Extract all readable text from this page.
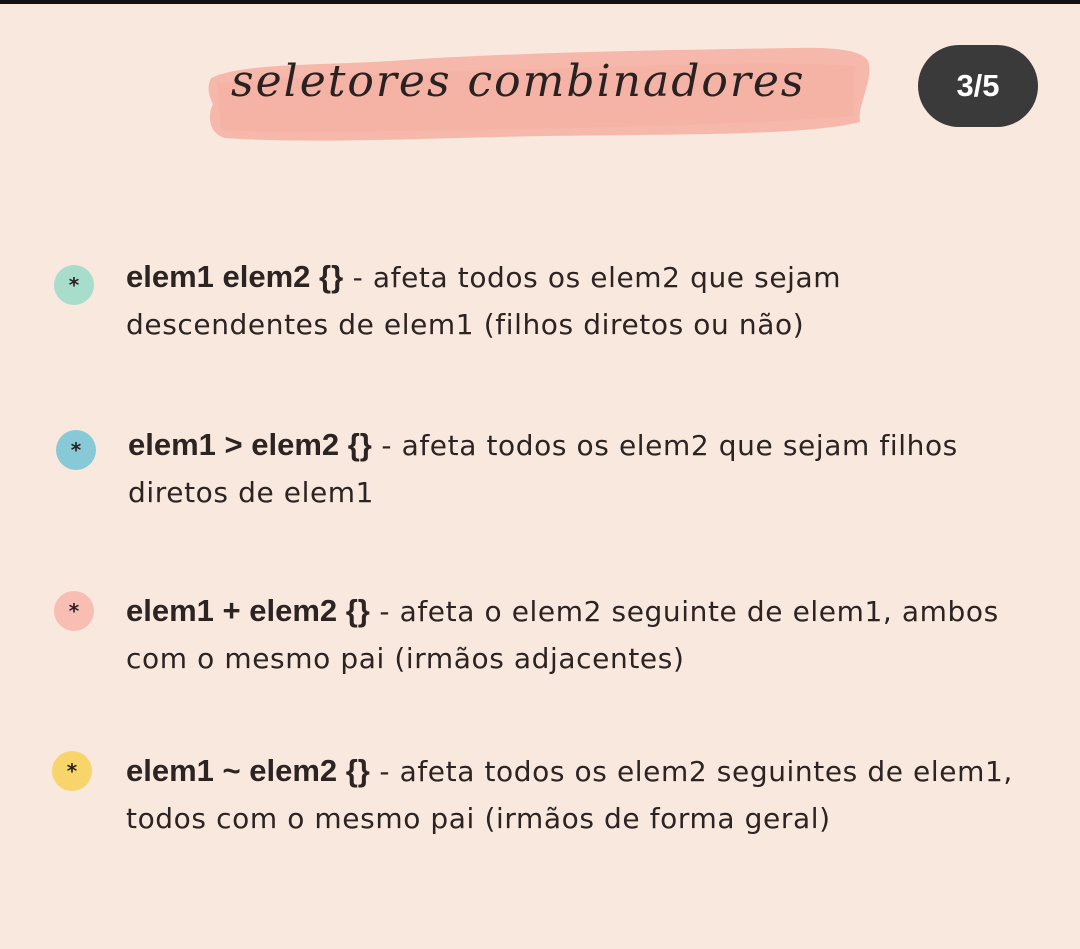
seletores combinadores	3/5
*	elem1 elem2 {} - afeta todos os elem2 que sejam descendentes de elem1 (filhos diretos ou não)
*	elem1 > elem2 {} - afeta todos os elem2 que sejam filhos diretos de elem1
*	elem1 + elem2 {} - afeta o elem2 seguinte de elem1, ambos com o mesmo pai (irmãos adjacentes)
*	elem1 ~ elem2 {} - afeta todos os elem2 seguintes de elem1, todos com o mesmo pai (irmãos de forma geral)
